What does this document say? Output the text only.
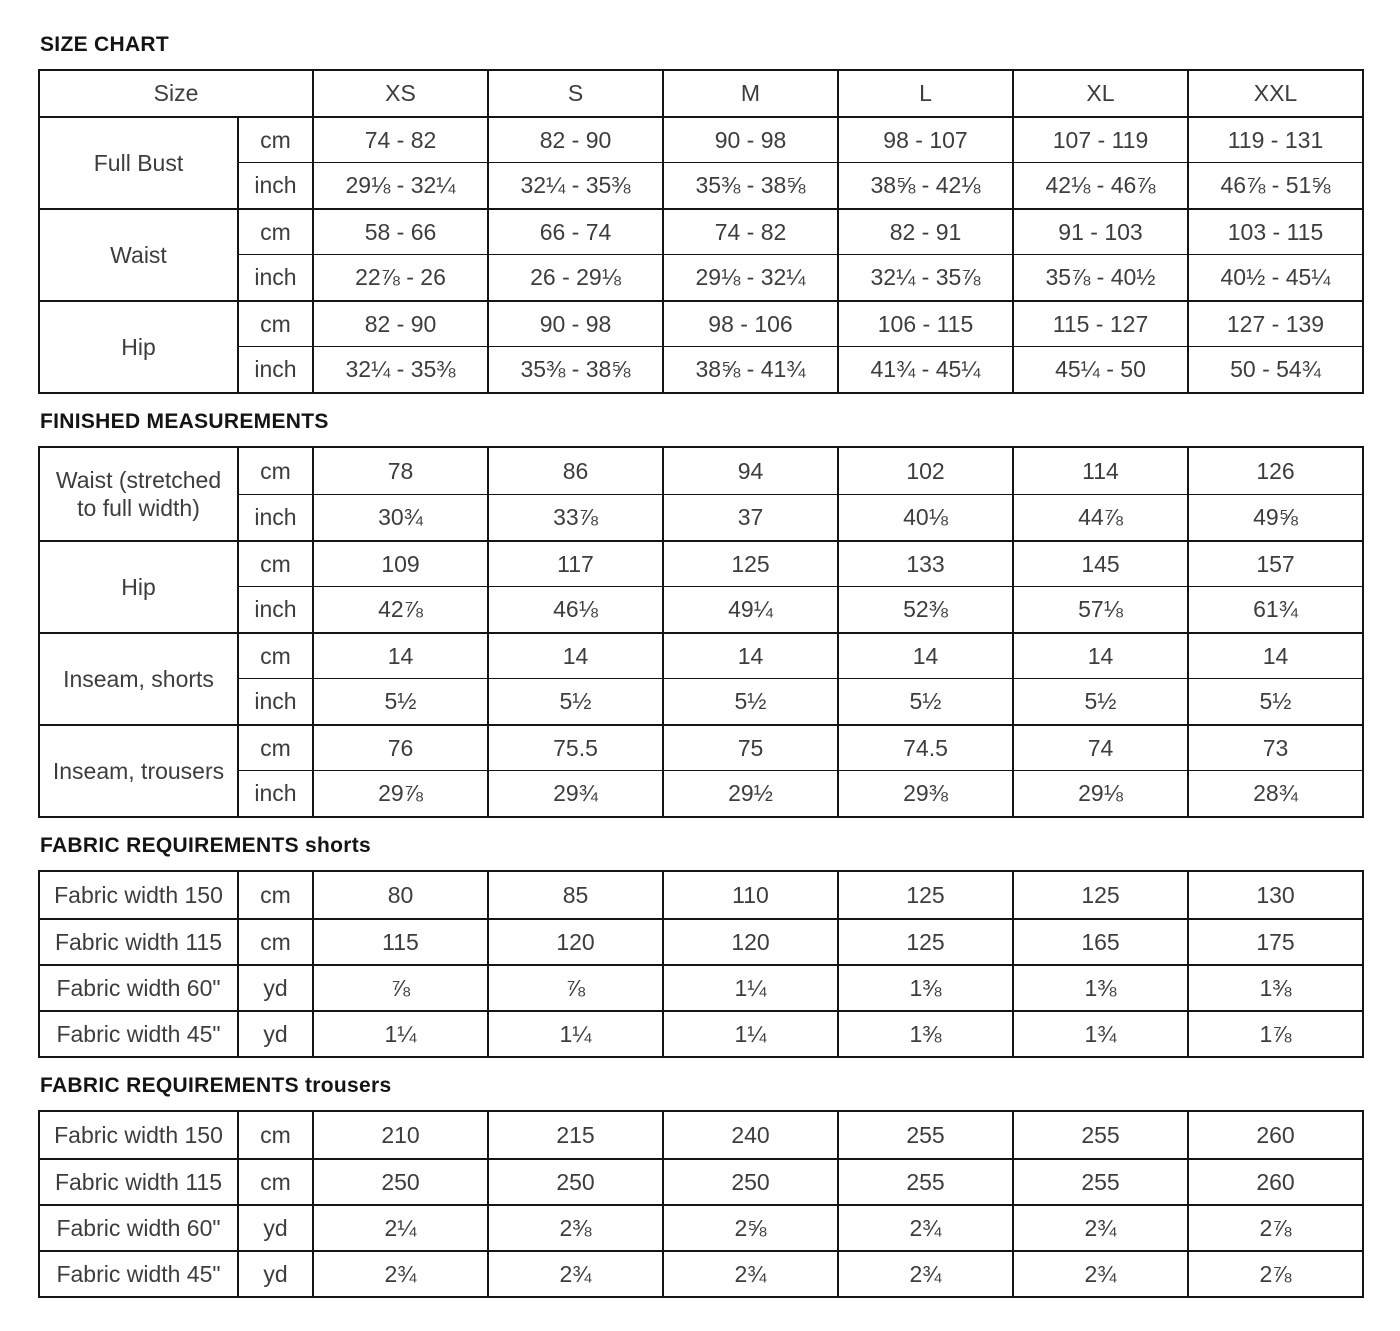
SIZE CHART
Size		XS	S	M	L	XL	XXL
Full Bust	cm	74 - 82	82 - 90	90 - 98	98 - 107	107 - 119	119 - 131
	inch	29⅛ - 32¼	32¼ - 35⅜	35⅜ - 38⅝	38⅝ - 42⅛	42⅛ - 46⅞	46⅞ - 51⅝
Waist	cm	58 - 66	66 - 74	74 - 82	82 - 91	91 - 103	103 - 115
	inch	22⅞ - 26	26 - 29⅛	29⅛ - 32¼	32¼ - 35⅞	35⅞ - 40½	40½ - 45¼
Hip	cm	82 - 90	90 - 98	98 - 106	106 - 115	115 - 127	127 - 139
	inch	32¼ - 35⅜	35⅜ - 38⅝	38⅝ - 41¾	41¾ - 45¼	45¼ - 50	50 - 54¾
FINISHED MEASUREMENTS
Waist (stretched to full width)	cm	78	86	94	102	114	126
	inch	30¾	33⅞	37	40⅛	44⅞	49⅝
Hip	cm	109	117	125	133	145	157
	inch	42⅞	46⅛	49¼	52⅜	57⅛	61¾
Inseam, shorts	cm	14	14	14	14	14	14
	inch	5½	5½	5½	5½	5½	5½
Inseam, trousers	cm	76	75.5	75	74.5	74	73
	inch	29⅞	29¾	29½	29⅜	29⅛	28¾
FABRIC REQUIREMENTS shorts
Fabric width 150	cm	80	85	110	125	125	130
Fabric width 115	cm	115	120	120	125	165	175
Fabric width 60"	yd	⅞	⅞	1¼	1⅜	1⅜	1⅜
Fabric width 45"	yd	1¼	1¼	1¼	1⅜	1¾	1⅞
FABRIC REQUIREMENTS trousers
Fabric width 150	cm	210	215	240	255	255	260
Fabric width 115	cm	250	250	250	255	255	260
Fabric width 60"	yd	2¼	2⅜	2⅝	2¾	2¾	2⅞
Fabric width 45"	yd	2¾	2¾	2¾	2¾	2¾	2⅞
